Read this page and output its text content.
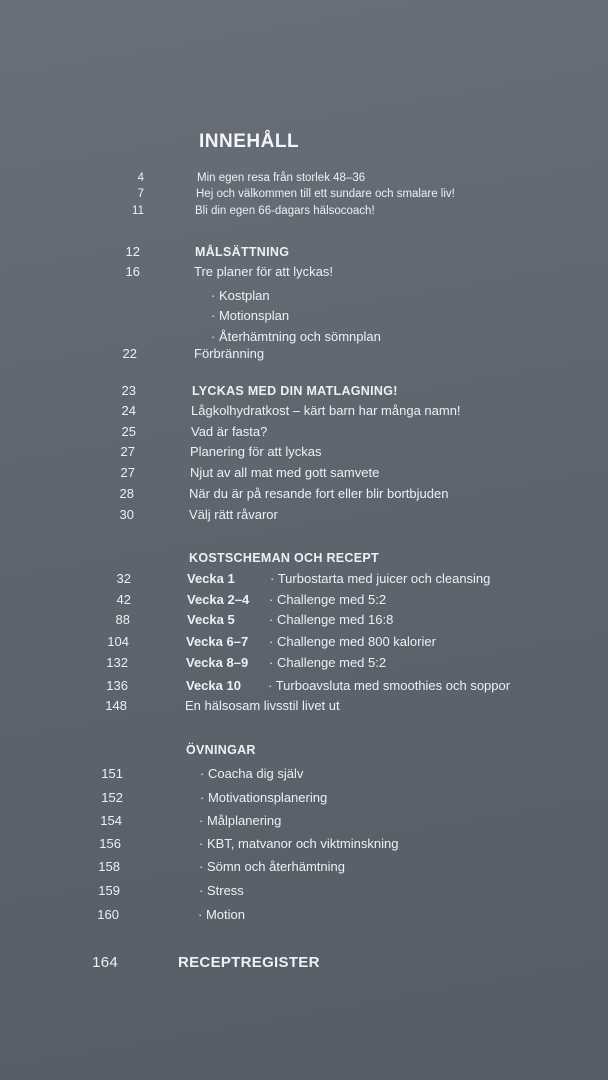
INNEHÅLL
4	Min egen resa från storlek 48–36
7	Hej och välkommen till ett sundare och smalare liv!
11	Bli din egen 66-dagars hälsocoach!
12	MÅLSÄTTNING
16	Tre planer för att lyckas!
· Kostplan
· Motionsplan
· Återhämtning och sömnplan
22	Förbränning
23	LYCKAS MED DIN MATLAGNING!
24	Lågkolhydratkost – kärt barn har många namn!
25	Vad är fasta?
27	Planering för att lyckas
27	Njut av all mat med gott samvete
28	När du är på resande fort eller blir bortbjuden
30	Välj rätt råvaror
KOSTSCHEMAN OCH RECEPT
32	Vecka 1	· Turbostarta med juicer och cleansing
42	Vecka 2–4	· Challenge med 5:2
88	Vecka 5	· Challenge med 16:8
104	Vecka 6–7	· Challenge med 800 kalorier
132	Vecka 8–9	· Challenge med 5:2
136	Vecka 10	· Turboavsluta med smoothies och soppor
148	En hälsosam livsstil livet ut
ÖVNINGAR
151	· Coacha dig själv
152	· Motivationsplanering
154	· Målplanering
156	· KBT, matvanor och viktminskning
158	· Sömn och återhämtning
159	· Stress
160	· Motion
164	RECEPTREGISTER
